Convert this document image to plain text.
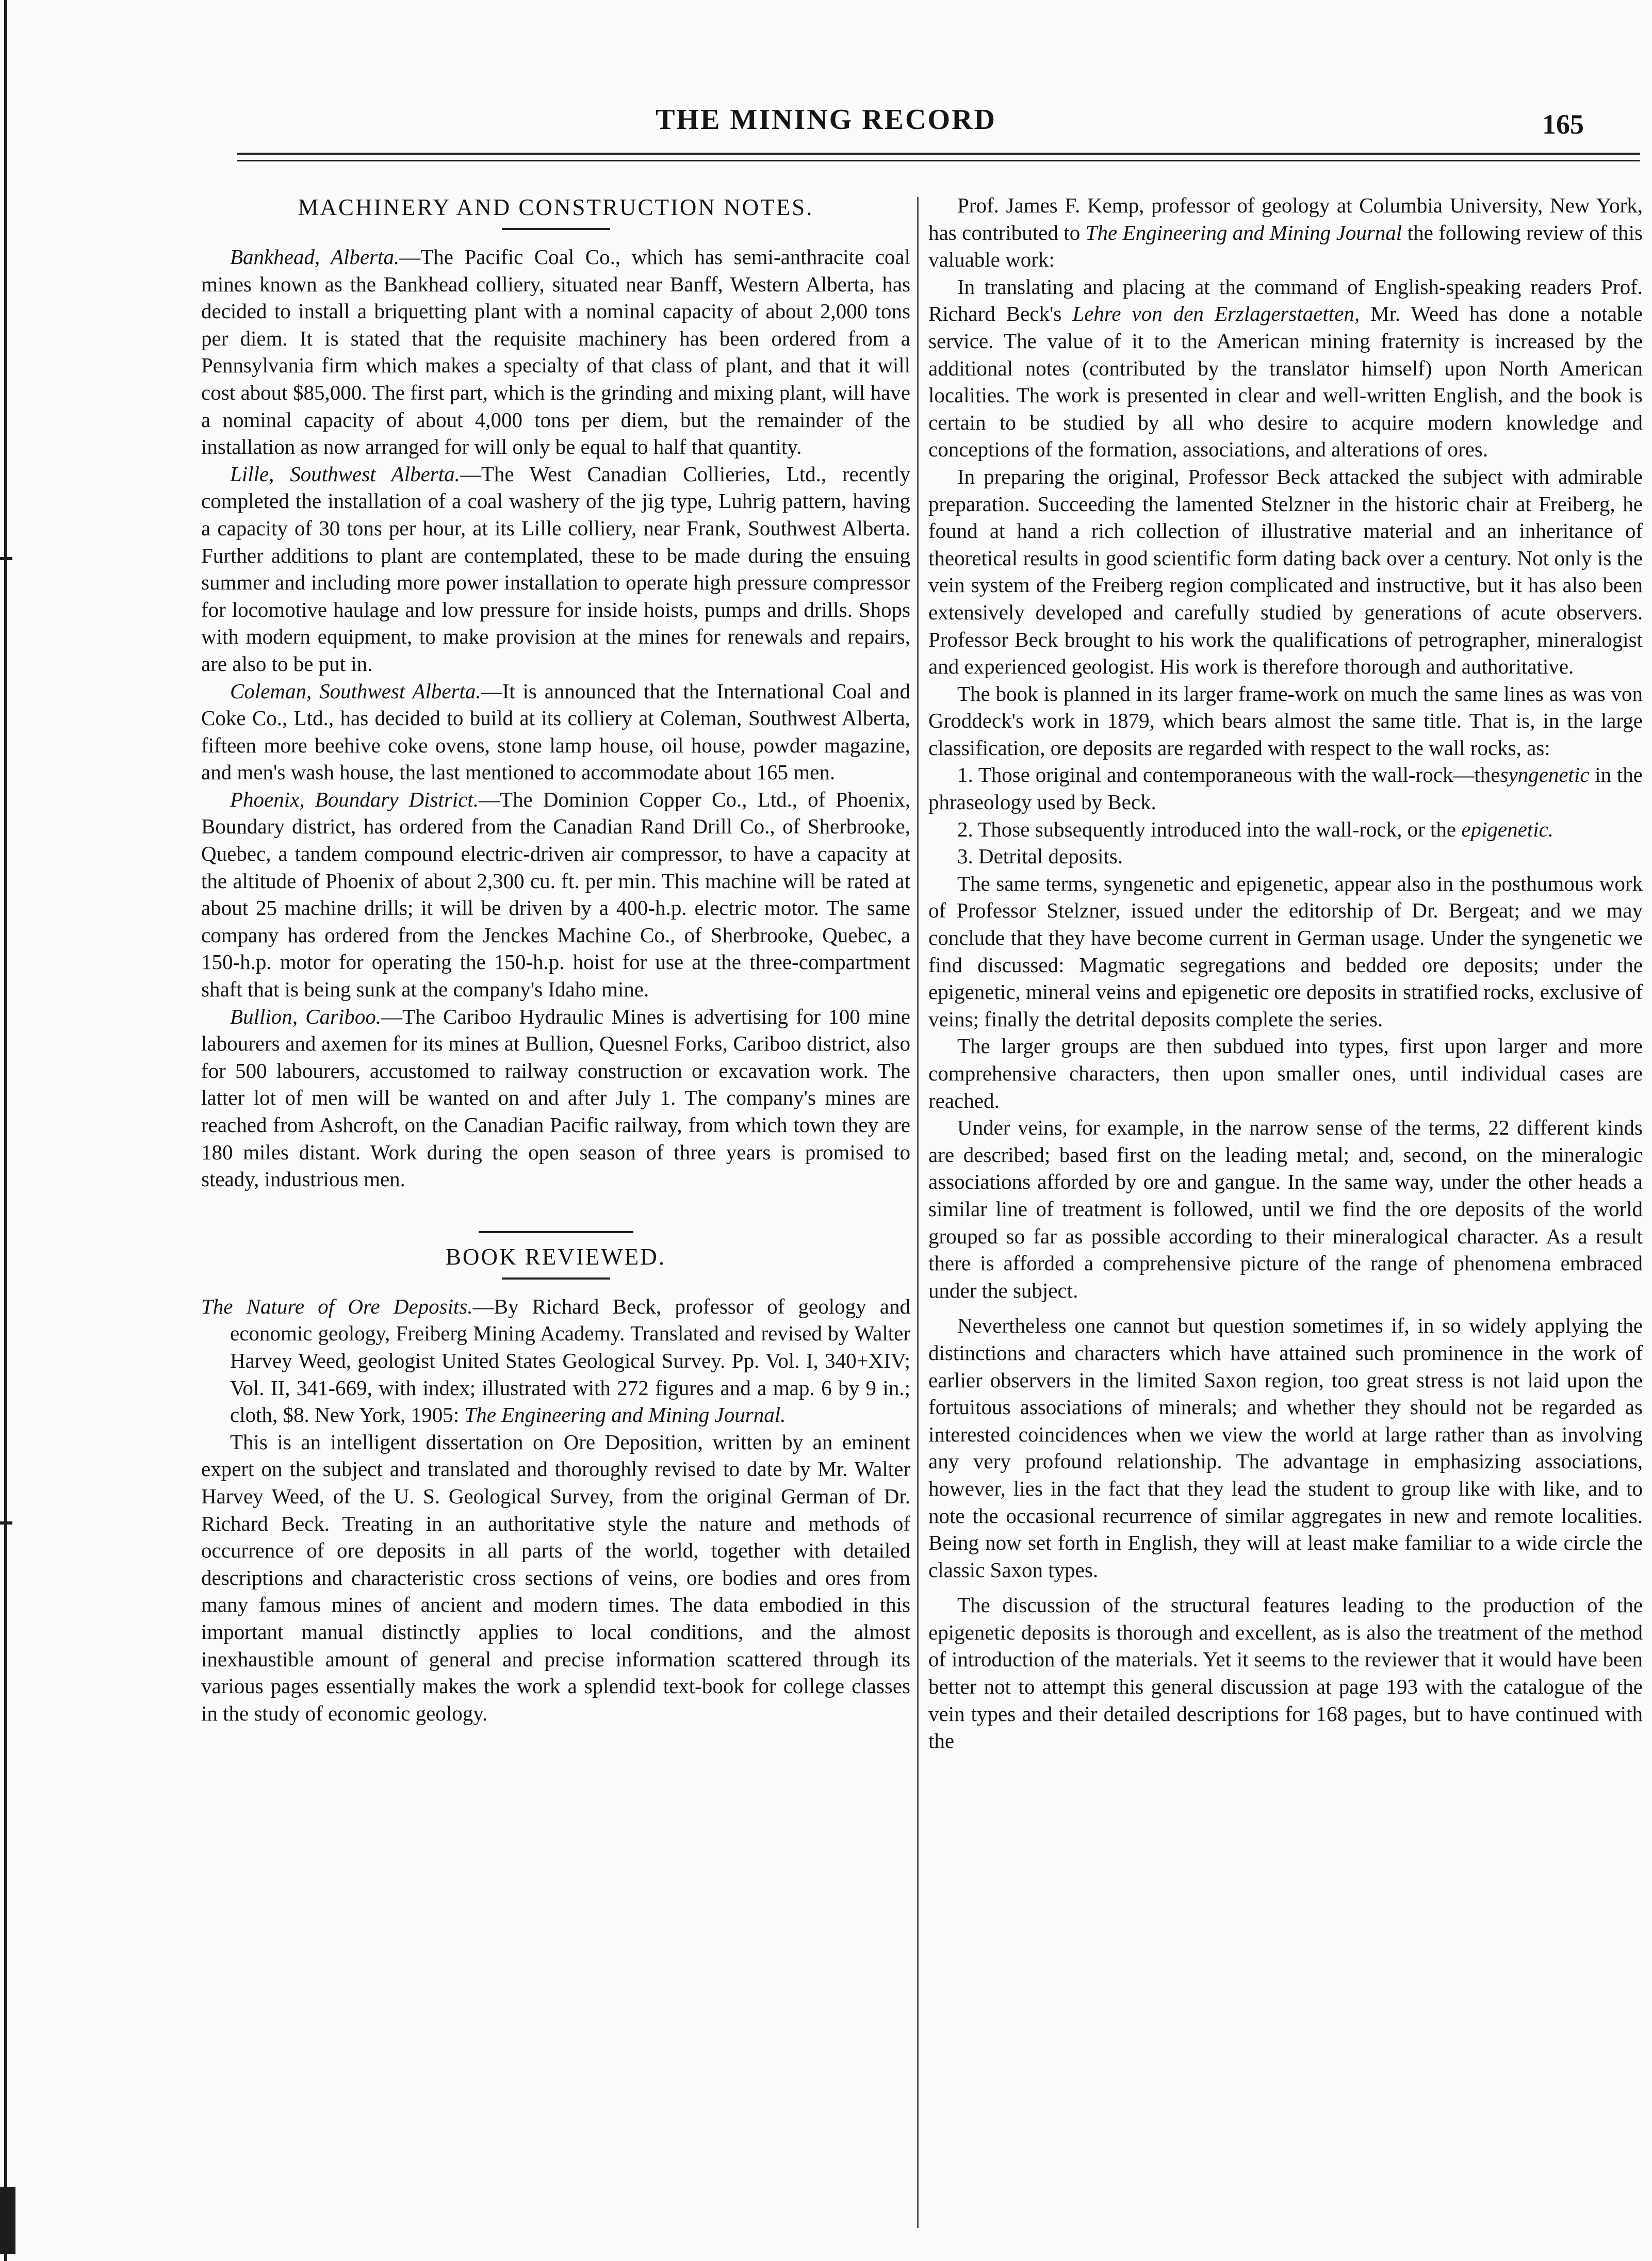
THE MINING RECORD	165
MACHINERY AND CONSTRUCTION NOTES.

Bankhead, Alberta.—The Pacific Coal Co., which has semi-anthracite coal mines known as the Bankhead colliery, situated near Banff, Western Alberta, has decided to install a briquetting plant with a nominal capacity of about 2,000 tons per diem. It is stated that the requisite machinery has been ordered from a Pennsylvania firm which makes a specialty of that class of plant, and that it will cost about $85,000. The first part, which is the grinding and mixing plant, will have a nominal capacity of about 4,000 tons per diem, but the remainder of the installation as now arranged for will only be equal to half that quantity.

Lille, Southwest Alberta.—The West Canadian Collieries, Ltd., recently completed the installation of a coal washery of the jig type, Luhrig pattern, having a capacity of 30 tons per hour, at its Lille colliery, near Frank, Southwest Alberta. Further additions to plant are contemplated, these to be made during the ensuing summer and including more power installation to operate high pressure compressor for locomotive haulage and low pressure for inside hoists, pumps and drills. Shops with modern equipment, to make provision at the mines for renewals and repairs, are also to be put in.

Coleman, Southwest Alberta.—It is announced that the International Coal and Coke Co., Ltd., has decided to build at its colliery at Coleman, Southwest Alberta, fifteen more beehive coke ovens, stone lamp house, oil house, powder magazine, and men's wash house, the last mentioned to accommodate about 165 men.

Phoenix, Boundary District.—The Dominion Copper Co., Ltd., of Phoenix, Boundary district, has ordered from the Canadian Rand Drill Co., of Sherbrooke, Quebec, a tandem compound electric-driven air compressor, to have a capacity at the altitude of Phoenix of about 2,300 cu. ft. per min. This machine will be rated at about 25 machine drills; it will be driven by a 400-h.p. electric motor. The same company has ordered from the Jenckes Machine Co., of Sherbrooke, Quebec, a 150-h.p. motor for operating the 150-h.p. hoist for use at the three-compartment shaft that is being sunk at the company's Idaho mine.

Bullion, Cariboo.—The Cariboo Hydraulic Mines is advertising for 100 mine labourers and axemen for its mines at Bullion, Quesnel Forks, Cariboo district, also for 500 labourers, accustomed to railway construction or excavation work. The latter lot of men will be wanted on and after July 1. The company's mines are reached from Ashcroft, on the Canadian Pacific railway, from which town they are 180 miles distant. Work during the open season of three years is promised to steady, industrious men.

BOOK REVIEWED.

The Nature of Ore Deposits.—By Richard Beck, professor of geology and economic geology, Freiberg Mining Academy. Translated and revised by Walter Harvey Weed, geologist United States Geological Survey. Pp. Vol. I, 340+XIV; Vol. II, 341-669, with index; illustrated with 272 figures and a map. 6 by 9 in.; cloth, $8. New York, 1905: The Engineering and Mining Journal.

This is an intelligent dissertation on Ore Deposition, written by an eminent expert on the subject and translated and thoroughly revised to date by Mr. Walter Harvey Weed, of the U. S. Geological Survey, from the original German of Dr. Richard Beck. Treating in an authoritative style the nature and methods of occurrence of ore deposits in all parts of the world, together with detailed descriptions and characteristic cross sections of veins, ore bodies and ores from many famous mines of ancient and modern times. The data embodied in this important manual distinctly applies to local conditions, and the almost inexhaustible amount of general and precise information scattered through its various pages essentially makes the work a splendid text-book for college classes in the study of economic geology.

Prof. James F. Kemp, professor of geology at Columbia University, New York, has contributed to The Engineering and Mining Journal the following review of this valuable work:

In translating and placing at the command of English-speaking readers Prof. Richard Beck's Lehre von den Erzlagerstaetten, Mr. Weed has done a notable service. The value of it to the American mining fraternity is increased by the additional notes (contributed by the translator himself) upon North American localities. The work is presented in clear and well-written English, and the book is certain to be studied by all who desire to acquire modern knowledge and conceptions of the formation, associations, and alterations of ores.

In preparing the original, Professor Beck attacked the subject with admirable preparation. Succeeding the lamented Stelzner in the historic chair at Freiberg, he found at hand a rich collection of illustrative material and an inheritance of theoretical results in good scientific form dating back over a century. Not only is the vein system of the Freiberg region complicated and instructive, but it has also been extensively developed and carefully studied by generations of acute observers. Professor Beck brought to his work the qualifications of petrographer, mineralogist and experienced geologist. His work is therefore thorough and authoritative.

The book is planned in its larger frame-work on much the same lines as was von Groddeck's work in 1879, which bears almost the same title. That is, in the large classification, ore deposits are regarded with respect to the wall rocks, as:

1. Those original and contemporaneous with the wall-rock—thesyngenetic in the phraseology used by Beck.

2. Those subsequently introduced into the wall-rock, or the epigenetic.

3. Detrital deposits.

The same terms, syngenetic and epigenetic, appear also in the posthumous work of Professor Stelzner, issued under the editorship of Dr. Bergeat; and we may conclude that they have become current in German usage. Under the syngenetic we find discussed: Magmatic segregations and bedded ore deposits; under the epigenetic, mineral veins and epigenetic ore deposits in stratified rocks, exclusive of veins; finally the detrital deposits complete the series.

The larger groups are then subdued into types, first upon larger and more comprehensive characters, then upon smaller ones, until individual cases are reached.

Under veins, for example, in the narrow sense of the terms, 22 different kinds are described; based first on the leading metal; and, second, on the mineralogic associations afforded by ore and gangue. In the same way, under the other heads a similar line of treatment is followed, until we find the ore deposits of the world grouped so far as possible according to their mineralogical character. As a result there is afforded a comprehensive picture of the range of phenomena embraced under the subject.

Nevertheless one cannot but question sometimes if, in so widely applying the distinctions and characters which have attained such prominence in the work of earlier observers in the limited Saxon region, too great stress is not laid upon the fortuitous associations of minerals; and whether they should not be regarded as interested coincidences when we view the world at large rather than as involving any very profound relationship. The advantage in emphasizing associations, however, lies in the fact that they lead the student to group like with like, and to note the occasional recurrence of similar aggregates in new and remote localities. Being now set forth in English, they will at least make familiar to a wide circle the classic Saxon types.

The discussion of the structural features leading to the production of the epigenetic deposits is thorough and excellent, as is also the treatment of the method of introduction of the materials. Yet it seems to the reviewer that it would have been better not to attempt this general discussion at page 193 with the catalogue of the vein types and their detailed descriptions for 168 pages, but to have continued with the
